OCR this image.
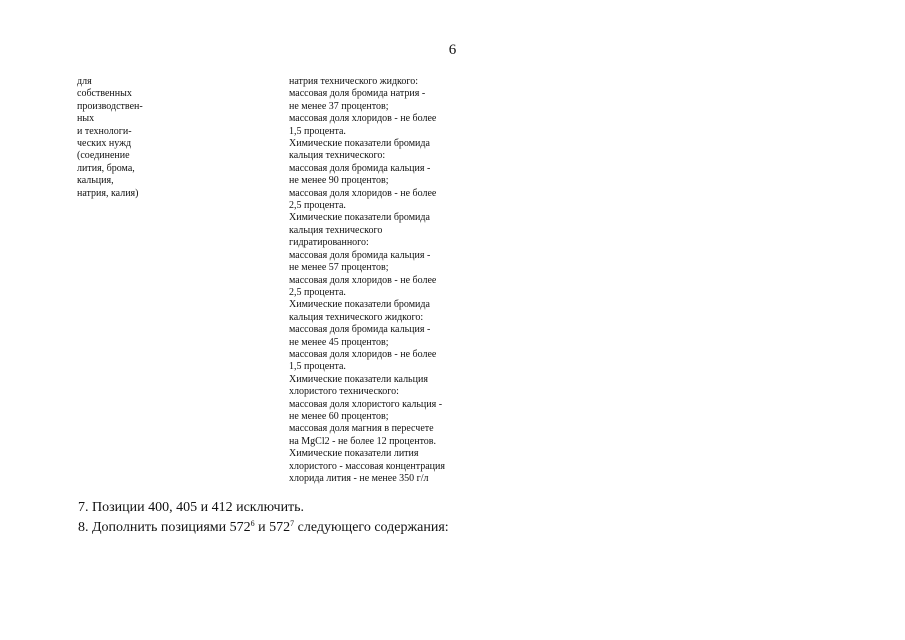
6
для
собственных
производствен-
ных
и технологи-
ческих нужд
(соединение
лития, брома,
кальция,
натрия, калия)
натрия технического жидкого:
массовая доля бромида натрия -
не менее 37 процентов;
массовая доля хлоридов - не более
1,5 процента.
Химические показатели бромида
кальция технического:
массовая доля бромида кальция -
не менее 90 процентов;
массовая доля хлоридов - не более
2,5 процента.
Химические показатели бромида
кальция технического
гидратированного:
массовая доля бромида кальция -
не менее 57 процентов;
массовая доля хлоридов - не более
2,5 процента.
Химические показатели бромида
кальция технического жидкого:
массовая доля бромида кальция -
не менее 45 процентов;
массовая доля хлоридов - не более
1,5 процента.
Химические показатели кальция
хлористого технического:
массовая доля хлористого кальция -
не менее 60 процентов;
массовая доля магния в пересчете
на MgCl2 - не более 12 процентов.
Химические показатели лития
хлористого - массовая концентрация
хлорида лития - не менее 350 г/л
7. Позиции 400, 405 и 412 исключить.
8. Дополнить позициями $572^6$ и $572^7$ следующего содержания:
